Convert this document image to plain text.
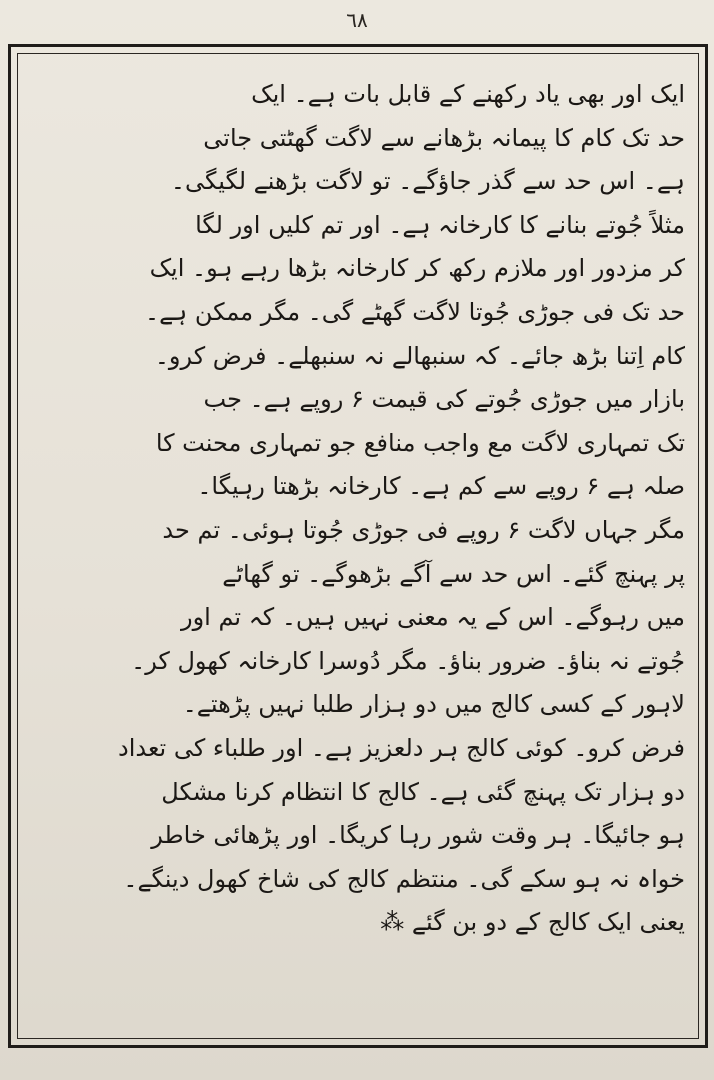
٦٨
ایک اور بھی یاد رکھنے کے قابل بات ہے۔ ایک
حد تک کام کا پیمانہ بڑھانے سے لاگت گھٹتی جاتی
ہے۔ اس حد سے گذر جاؤگے۔ تو لاگت بڑھنے لگیگی۔
مثلاً جُوتے بنانے کا کارخانہ ہے۔ اور تم کلیں اور لگا
کر مزدور اور ملازم رکھ کر کارخانہ بڑھا رہے ہو۔ ایک
حد تک فی جوڑی جُوتا لاگت گھٹے گی۔ مگر ممکن ہے۔
کام اِتنا بڑھ جائے۔ کہ سنبھالے نہ سنبھلے۔ فرض کرو۔
بازار میں جوڑی جُوتے کی قیمت ۶ روپے ہے۔ جب
تک تمہاری لاگت مع واجب منافع جو تمہاری محنت کا
صلہ ہے ۶ روپے سے کم ہے۔ کارخانہ بڑھتا رہیگا۔
مگر جہاں لاگت ۶ روپے فی جوڑی جُوتا ہوئی۔ تم حد
پر پہنچ گئے۔ اس حد سے آگے بڑھوگے۔ تو گھاٹے
میں رہوگے۔ اس کے یہ معنی نہیں ہیں۔ کہ تم اور
جُوتے نہ بناؤ۔ ضرور بناؤ۔ مگر دُوسرا کارخانہ کھول کر۔
لاہور کے کسی کالج میں دو ہزار طلبا نہیں پڑھتے۔
فرض کرو۔ کوئی کالج ہر دلعزیز ہے۔ اور طلباء کی تعداد
دو ہزار تک پہنچ گئی ہے۔ کالج کا انتظام کرنا مشکل
ہو جائیگا۔ ہر وقت شور رہا کریگا۔ اور پڑھائی خاطر
خواہ نہ ہو سکے گی۔ منتظم کالج کی شاخ کھول دینگے۔
یعنی ایک کالج کے دو بن گئے ⁂
